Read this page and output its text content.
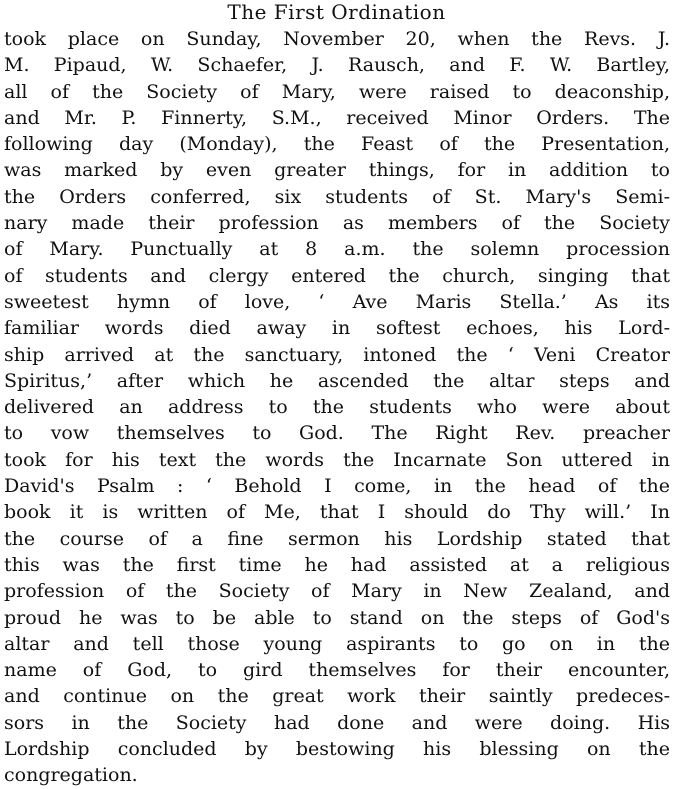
The First Ordination
took place on Sunday, November 20, when the Revs. J.
M. Pipaud, W. Schaefer, J. Rausch, and F. W. Bartley,
all of the Society of Mary, were raised to deaconship,
and Mr. P. Finnerty, S.M., received Minor Orders. The
following day (Monday), the Feast of the Presentation,
was marked by even greater things, for in addition to
the Orders conferred, six students of St. Mary's Semi-
nary made their profession as members of the Society
of Mary. Punctually at 8 a.m. the solemn procession
of students and clergy entered the church, singing that
sweetest hymn of love, ‘ Ave Maris Stella.’ As its
familiar words died away in softest echoes, his Lord-
ship arrived at the sanctuary, intoned the ‘ Veni Creator
Spiritus,’ after which he ascended the altar steps and
delivered an address to the students who were about
to vow themselves to God. The Right Rev. preacher
took for his text the words the Incarnate Son uttered in
David's Psalm : ‘ Behold I come, in the head of the
book it is written of Me, that I should do Thy will.’ In
the course of a fine sermon his Lordship stated that
this was the first time he had assisted at a religious
profession of the Society of Mary in New Zealand, and
proud he was to be able to stand on the steps of God's
altar and tell those young aspirants to go on in the
name of God, to gird themselves for their encounter,
and continue on the great work their saintly predeces-
sors in the Society had done and were doing. His
Lordship concluded by bestowing his blessing on the
congregation.
